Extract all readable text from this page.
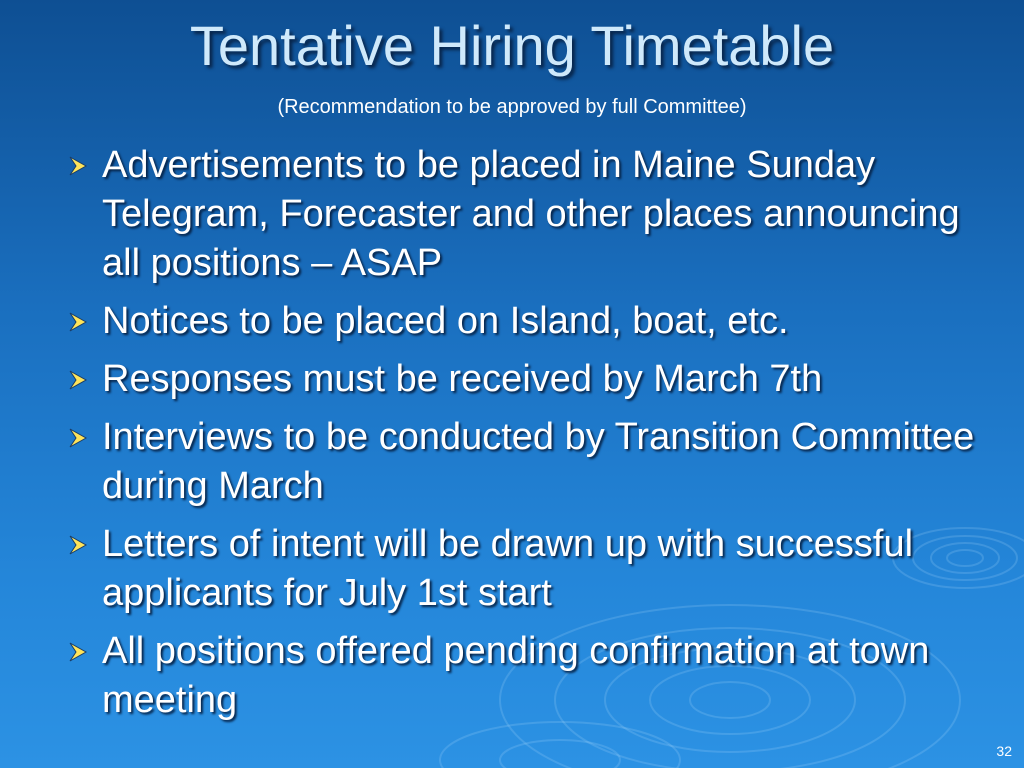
Tentative Hiring Timetable
(Recommendation to be approved by full Committee)
Advertisements to be placed in Maine Sunday Telegram, Forecaster and other places announcing all positions – ASAP
Notices to be placed on Island, boat, etc.
Responses must be received by March 7th
Interviews to be conducted by Transition Committee during March
Letters of intent will be drawn up with successful applicants for July 1st start
All positions offered pending confirmation at town meeting
32
